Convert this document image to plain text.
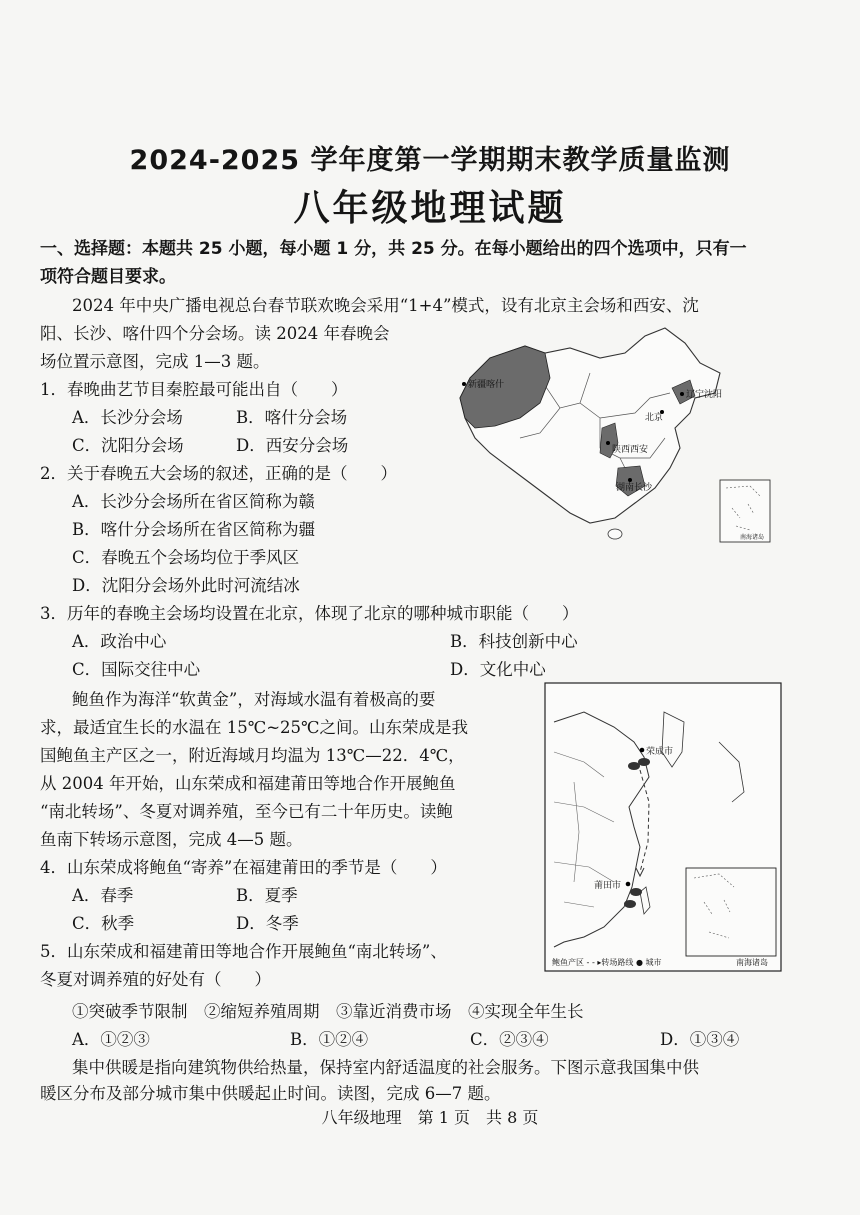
2024-2025 学年度第一学期期末教学质量监测
八年级地理试题
一、选择题：本题共 25 小题，每小题 1 分，共 25 分。在每小题给出的四个选项中，只有一
项符合题目要求。
2024 年中央广播电视总台春节联欢晚会采用“1+4”模式，设有北京主会场和西安、沈
阳、长沙、喀什四个分会场。读 2024 年春晚会
场位置示意图，完成 1—3 题。
1．春晚曲艺节目秦腔最可能出自（　　）
A．长沙分会场	B．喀什分会场
C．沈阳分会场	D．西安分会场
2．关于春晚五大会场的叙述，正确的是（　　）
A．长沙分会场所在省区简称为赣
B．喀什分会场所在省区简称为疆
C．春晚五个会场均位于季风区
D．沈阳分会场外此时河流结冰
3．历年的春晚主会场均设置在北京，体现了北京的哪种城市职能（　　）
A．政治中心	B．科技创新中心
C．国际交往中心	D．文化中心
鲍鱼作为海洋“软黄金”，对海域水温有着极高的要
求，最适宜生长的水温在 15℃~25℃之间。山东荣成是我
国鲍鱼主产区之一，附近海域月均温为 13℃—22．4℃，
从 2004 年开始，山东荣成和福建莆田等地合作开展鲍鱼
“南北转场”、冬夏对调养殖，至今已有二十年历史。读鲍
鱼南下转场示意图，完成 4—5 题。
4．山东荣成将鲍鱼“寄养”在福建莆田的季节是（　　）
A．春季	B．夏季
C．秋季	D．冬季
5．山东荣成和福建莆田等地合作开展鲍鱼“南北转场”、
冬夏对调养殖的好处有（　　）
①突破季节限制　②缩短养殖周期　③靠近消费市场　④实现全年生长
A．①②③	B．①②④	C．②③④	D．①③④
集中供暖是指向建筑物供给热量，保持室内舒适温度的社会服务。下图示意我国集中供
暖区分布及部分城市集中供暖起止时间。读图，完成 6—7 题。
八年级地理　第 1 页　共 8 页
新疆喀什
北京
辽宁沈阳
陕西西安
湖南长沙
南海诸岛
荣成市
莆田市
南海诸岛
鲍鱼产区 - - ▸转场路线 ● 城市
